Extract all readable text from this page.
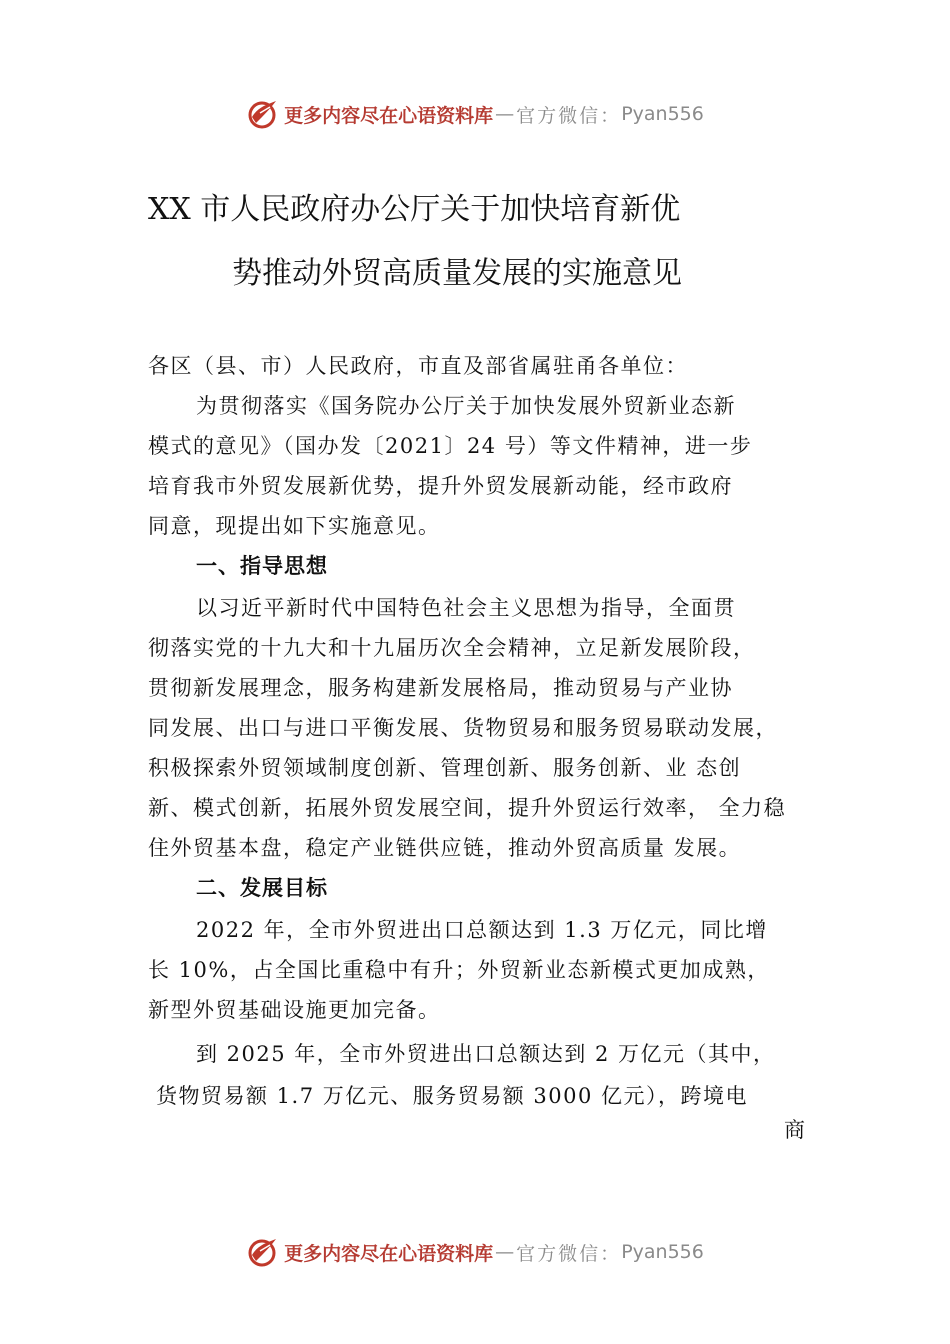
更多内容尽在心语资料库 — 官方微信： Pyan556
XX 市人民政府办公厅关于加快培育新优
势推动外贸高质量发展的实施意见
各区（县、市）人民政府，市直及部省属驻甬各单位：
为贯彻落实《国务院办公厅关于加快发展外贸新业态新
模式的意见》（国办发〔2021〕24 号）等文件精神，进一步
培育我市外贸发展新优势，提升外贸发展新动能，经市政府
同意，现提出如下实施意见。
一、指导思想
以习近平新时代中国特色社会主义思想为指导，全面贯
彻落实党的十九大和十九届历次全会精神，立足新发展阶段，
贯彻新发展理念，服务构建新发展格局，推动贸易与产业协
同发展、出口与进口平衡发展、货物贸易和服务贸易联动发展，
积极探索外贸领域制度创新、管理创新、服务创新、业 态创
新、模式创新，拓展外贸发展空间，提升外贸运行效率， 全力稳
住外贸基本盘，稳定产业链供应链，推动外贸高质量 发展。
二、发展目标
2022 年，全市外贸进出口总额达到 1.3 万亿元，同比增
长 10%，占全国比重稳中有升；外贸新业态新模式更加成熟，
新型外贸基础设施更加完备。
到 2025 年，全市外贸进出口总额达到 2 万亿元（其中，
货物贸易额 1.7 万亿元、服务贸易额 3000 亿元），跨境电
商
更多内容尽在心语资料库 — 官方微信： Pyan556
